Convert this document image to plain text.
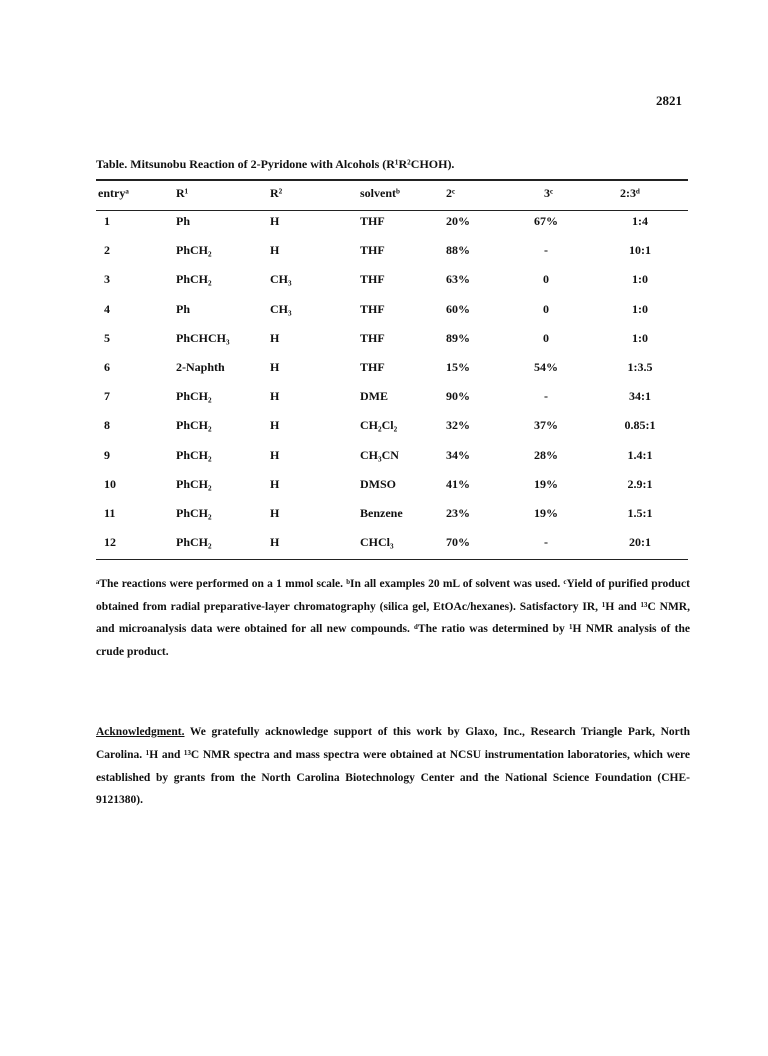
2821
Table. Mitsunobu Reaction of 2-Pyridone with Alcohols (R¹R²CHOH).
entryᵃ	R¹	R²	solventᵇ	2ᶜ	3ᶜ	2:3ᵈ
1	Ph	H	THF	20%	67%	1:4
2	PhCH₂	H	THF	88%	-	10:1
3	PhCH₂	CH₃	THF	63%	0	1:0
4	Ph	CH₃	THF	60%	0	1:0
5	PhCHCH₃	H	THF	89%	0	1:0
6	2-Naphth	H	THF	15%	54%	1:3.5
7	PhCH₂	H	DME	90%	-	34:1
8	PhCH₂	H	CH₂Cl₂	32%	37%	0.85:1
9	PhCH₂	H	CH₃CN	34%	28%	1.4:1
10	PhCH₂	H	DMSO	41%	19%	2.9:1
11	PhCH₂	H	Benzene	23%	19%	1.5:1
12	PhCH₂	H	CHCl₃	70%	-	20:1

ᵃThe reactions were performed on a 1 mmol scale. ᵇIn all examples 20 mL of solvent was used. ᶜYield of purified product obtained from radial preparative-layer chromatography (silica gel, EtOAc/hexanes). Satisfactory IR, ¹H and ¹³C NMR, and microanalysis data were obtained for all new compounds. ᵈThe ratio was determined by ¹H NMR analysis of the crude product.

Acknowledgment. We gratefully acknowledge support of this work by Glaxo, Inc., Research Triangle Park, North Carolina. ¹H and ¹³C NMR spectra and mass spectra were obtained at NCSU instrumentation laboratories, which were established by grants from the North Carolina Biotechnology Center and the National Science Foundation (CHE-9121380).
